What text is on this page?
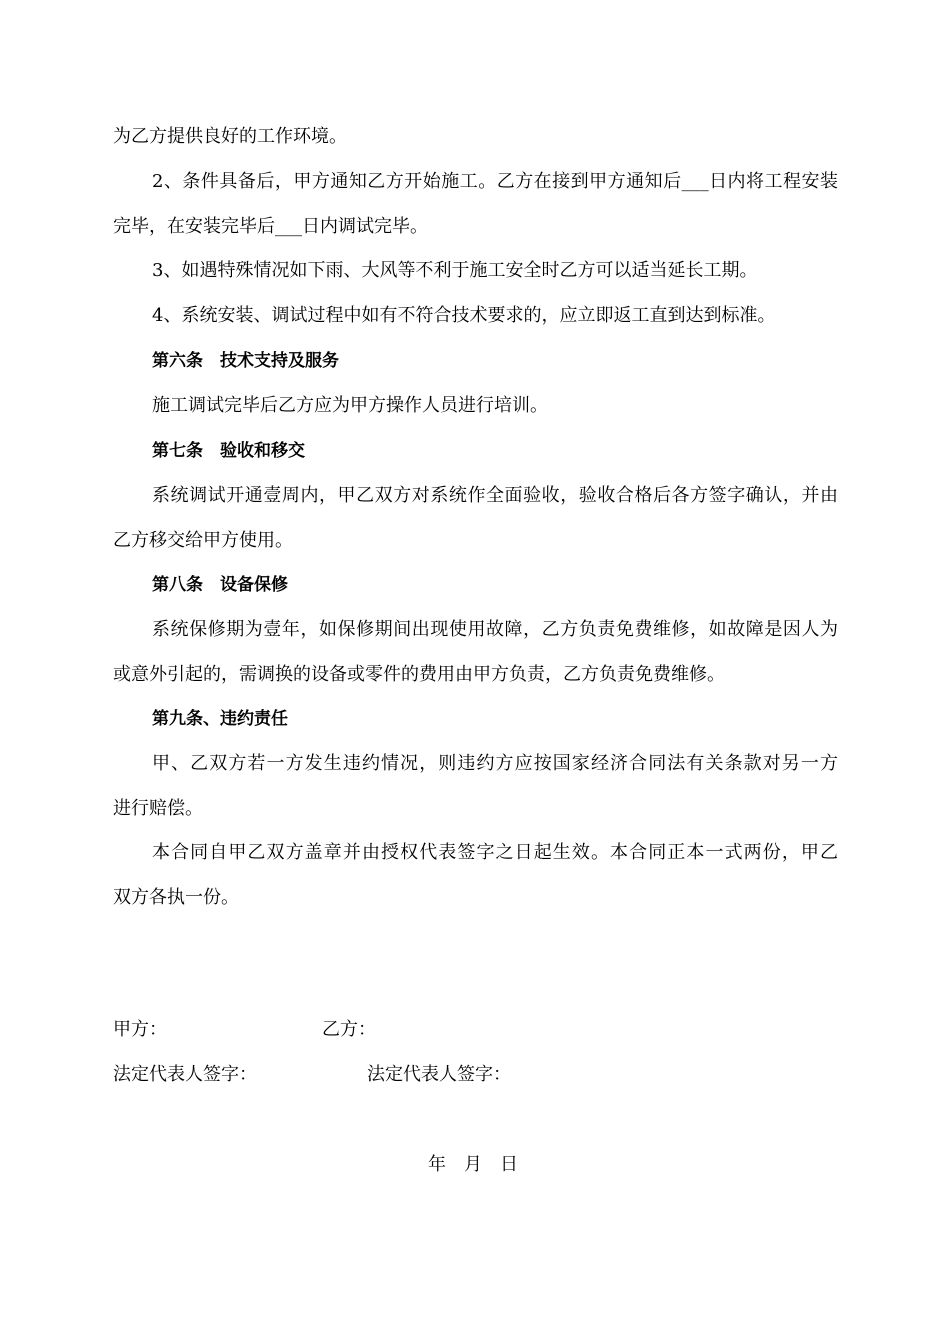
为乙方提供良好的工作环境。
2、条件具备后，甲方通知乙方开始施工。乙方在接到甲方通知后___日内将工程安装
完毕，在安装完毕后___日内调试完毕。
3、如遇特殊情况如下雨、大风等不利于施工安全时乙方可以适当延长工期。
4、系统安装、调试过程中如有不符合技术要求的，应立即返工直到达到标准。
第六条　技术支持及服务
施工调试完毕后乙方应为甲方操作人员进行培训。
第七条　验收和移交
系统调试开通壹周内，甲乙双方对系统作全面验收，验收合格后各方签字确认，并由
乙方移交给甲方使用。
第八条　设备保修
系统保修期为壹年，如保修期间出现使用故障，乙方负责免费维修，如故障是因人为
或意外引起的，需调换的设备或零件的费用由甲方负责，乙方负责免费维修。
第九条、违约责任
甲、乙双方若一方发生违约情况，则违约方应按国家经济合同法有关条款对另一方
进行赔偿。
本合同自甲乙双方盖章并由授权代表签字之日起生效。本合同正本一式两份，甲乙
双方各执一份。
甲方：	乙方：
法定代表人签字：	法定代表人签字：
年　月　日
